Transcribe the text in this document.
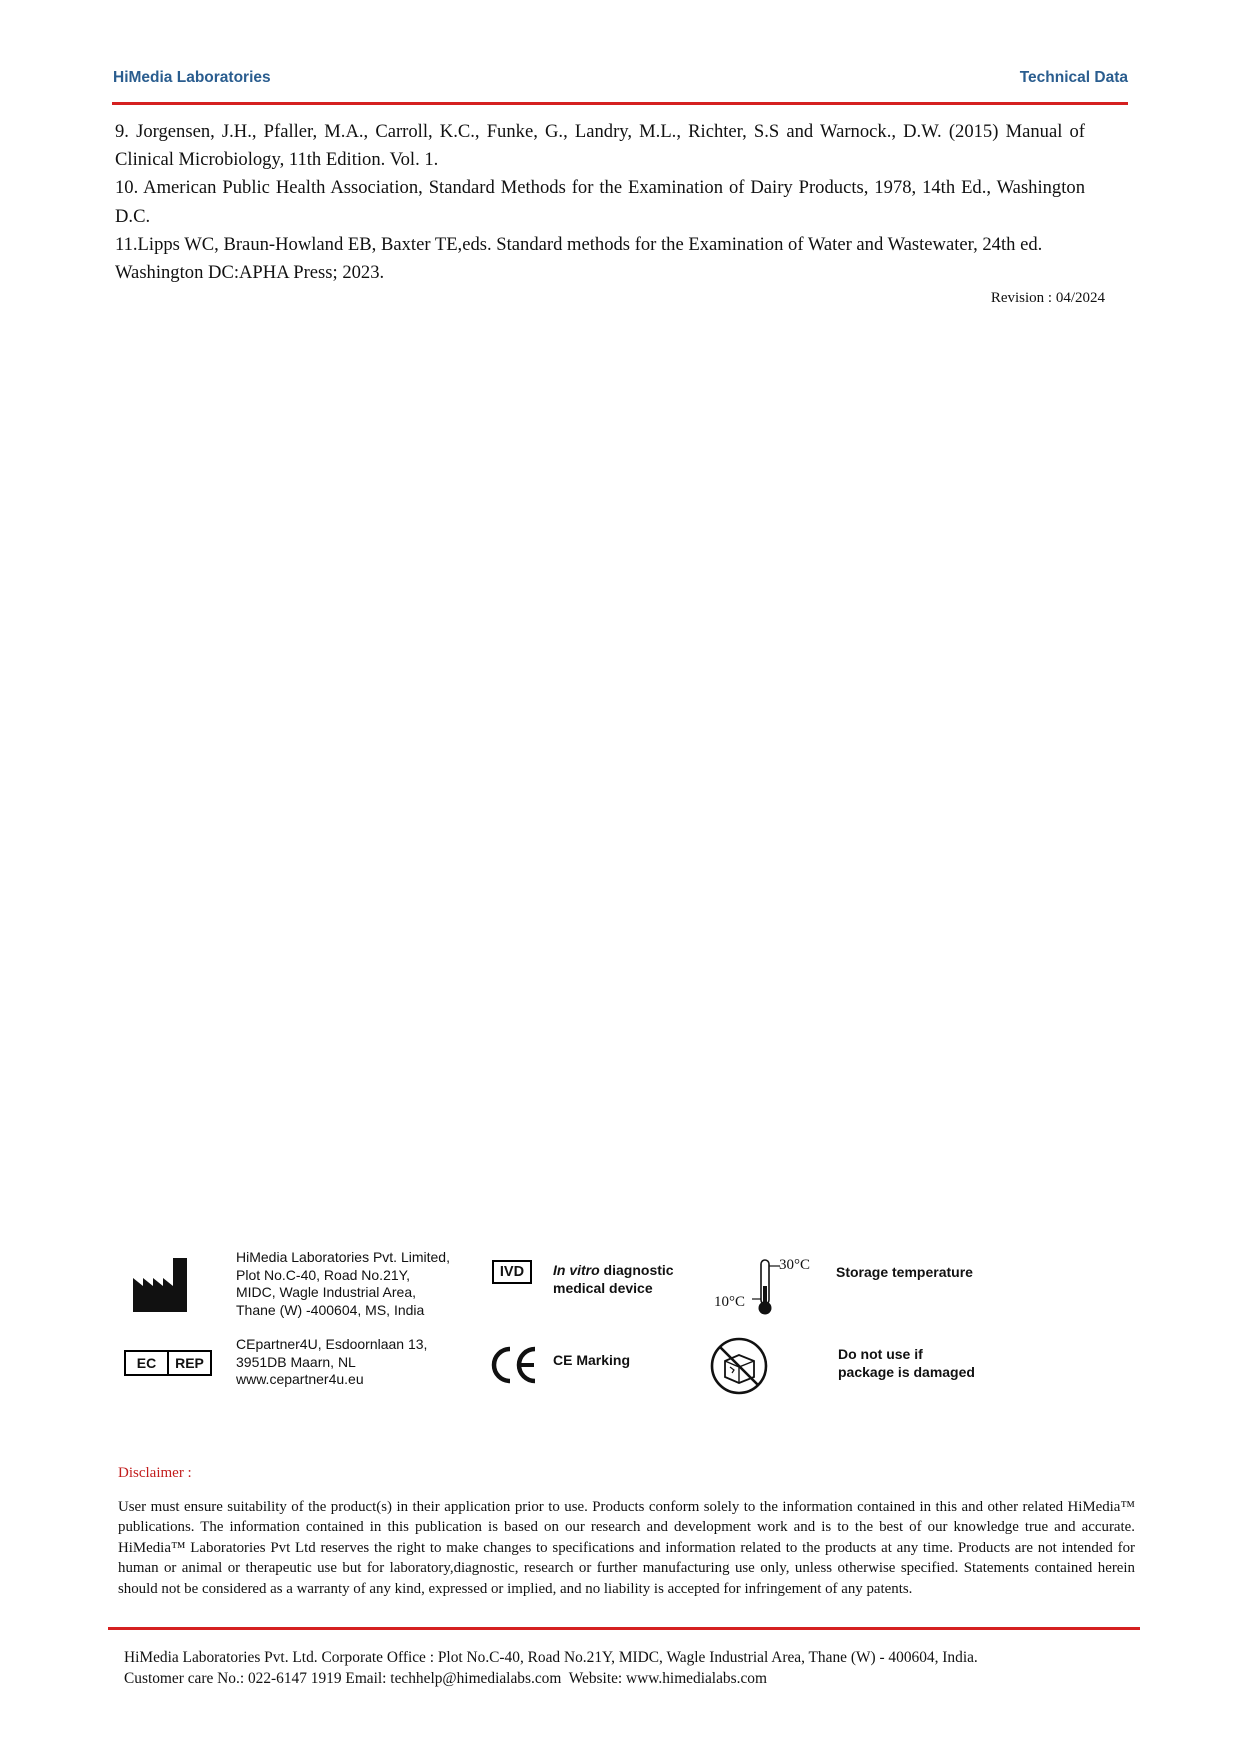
HiMedia Laboratories	Technical Data
9. Jorgensen, J.H., Pfaller, M.A., Carroll, K.C., Funke, G., Landry, M.L., Richter, S.S and Warnock., D.W. (2015) Manual of Clinical Microbiology, 11th Edition. Vol. 1.
10. American Public Health Association, Standard Methods for the Examination of Dairy Products, 1978, 14th Ed., Washington D.C.
11.Lipps WC, Braun-Howland EB, Baxter TE,eds. Standard methods for the Examination of Water and Wastewater, 24th ed. Washington DC:APHA Press; 2023.
Revision : 04/2024
HiMedia Laboratories Pvt. Limited,
Plot No.C-40, Road No.21Y,
MIDC, Wagle Industrial Area,
Thane (W) -400604, MS, India
EC	REP
CEpartner4U, Esdoornlaan 13,
3951DB Maarn, NL
www.cepartner4u.eu
IVD	In vitro diagnostic
medical device
CE Marking
30°C
10°C
Storage temperature
Do not use if
package is damaged
Disclaimer :
User must ensure suitability of the product(s) in their application prior to use. Products conform solely to the information contained in this and other related HiMedia™ publications. The information contained in this publication is based on our research and development work and is to the best of our knowledge true and accurate. HiMedia™ Laboratories Pvt Ltd reserves the right to make changes to specifications and information related to the products at any time. Products are not intended for human or animal or therapeutic use but for laboratory,diagnostic, research or further manufacturing use only, unless otherwise specified. Statements contained herein should not be considered as a warranty of any kind, expressed or implied, and no liability is accepted for infringement of any patents.
HiMedia Laboratories Pvt. Ltd. Corporate Office : Plot No.C-40, Road No.21Y, MIDC, Wagle Industrial Area, Thane (W) - 400604, India.
Customer care No.: 022-6147 1919 Email: techhelp@himedialabs.com  Website: www.himedialabs.com
